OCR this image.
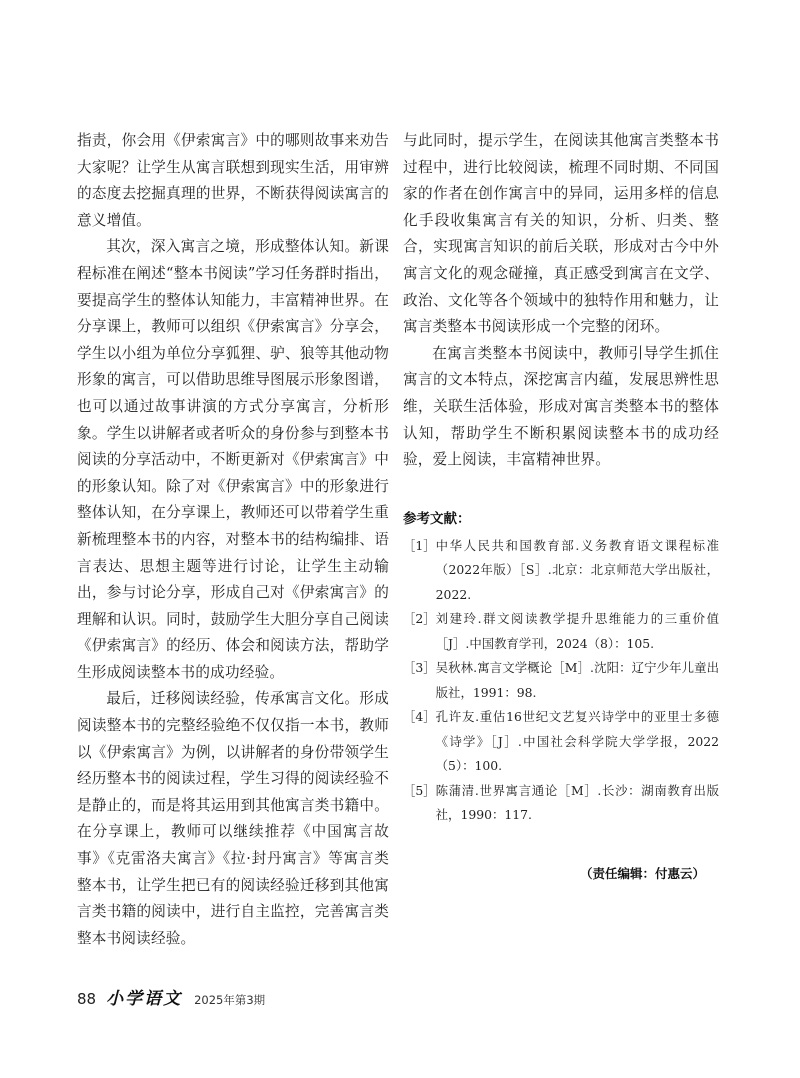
指责，你会用《伊索寓言》中的哪则故事来劝告大家呢？让学生从寓言联想到现实生活，用审辨的态度去挖掘真理的世界，不断获得阅读寓言的意义增值。

其次，深入寓言之境，形成整体认知。新课程标准在阐述“整本书阅读”学习任务群时指出，要提高学生的整体认知能力，丰富精神世界。在分享课上，教师可以组织《伊索寓言》分享会，学生以小组为单位分享狐狸、驴、狼等其他动物形象的寓言，可以借助思维导图展示形象图谱，也可以通过故事讲演的方式分享寓言，分析形象。学生以讲解者或者听众的身份参与到整本书阅读的分享活动中，不断更新对《伊索寓言》中的形象认知。除了对《伊索寓言》中的形象进行整体认知，在分享课上，教师还可以带着学生重新梳理整本书的内容，对整本书的结构编排、语言表达、思想主题等进行讨论，让学生主动输出，参与讨论分享，形成自己对《伊索寓言》的理解和认识。同时，鼓励学生大胆分享自己阅读《伊索寓言》的经历、体会和阅读方法，帮助学生形成阅读整本书的成功经验。

最后，迁移阅读经验，传承寓言文化。形成阅读整本书的完整经验绝不仅仅指一本书，教师以《伊索寓言》为例，以讲解者的身份带领学生经历整本书的阅读过程，学生习得的阅读经验不是静止的，而是将其运用到其他寓言类书籍中。在分享课上，教师可以继续推荐《中国寓言故事》《克雷洛夫寓言》《拉·封丹寓言》等寓言类整本书，让学生把已有的阅读经验迁移到其他寓言类书籍的阅读中，进行自主监控，完善寓言类整本书阅读经验。

与此同时，提示学生，在阅读其他寓言类整本书过程中，进行比较阅读，梳理不同时期、不同国家的作者在创作寓言中的异同，运用多样的信息化手段收集寓言有关的知识，分析、归类、整合，实现寓言知识的前后关联，形成对古今中外寓言文化的观念碰撞，真正感受到寓言在文学、政治、文化等各个领域中的独特作用和魅力，让寓言类整本书阅读形成一个完整的闭环。

在寓言类整本书阅读中，教师引导学生抓住寓言的文本特点，深挖寓言内蕴，发展思辨性思维，关联生活体验，形成对寓言类整本书的整体认知，帮助学生不断积累阅读整本书的成功经验，爱上阅读，丰富精神世界。

参考文献：
［1］ 中华人民共和国教育部.义务教育语文课程标准（2022年版）［S］.北京：北京师范大学出版社，2022.
［2］ 刘建玲.群文阅读教学提升思维能力的三重价值［J］.中国教育学刊，2024（8）：105.
［3］ 吴秋林.寓言文学概论［M］.沈阳：辽宁少年儿童出版社，1991：98.
［4］ 孔许友.重估16世纪文艺复兴诗学中的亚里士多德《诗学》［J］.中国社会科学院大学学报，2022（5）：100.
［5］ 陈蒲清.世界寓言通论［M］.长沙：湖南教育出版社，1990：117.
（责任编辑：付惠云）
88 小学语文 2025年第3期
